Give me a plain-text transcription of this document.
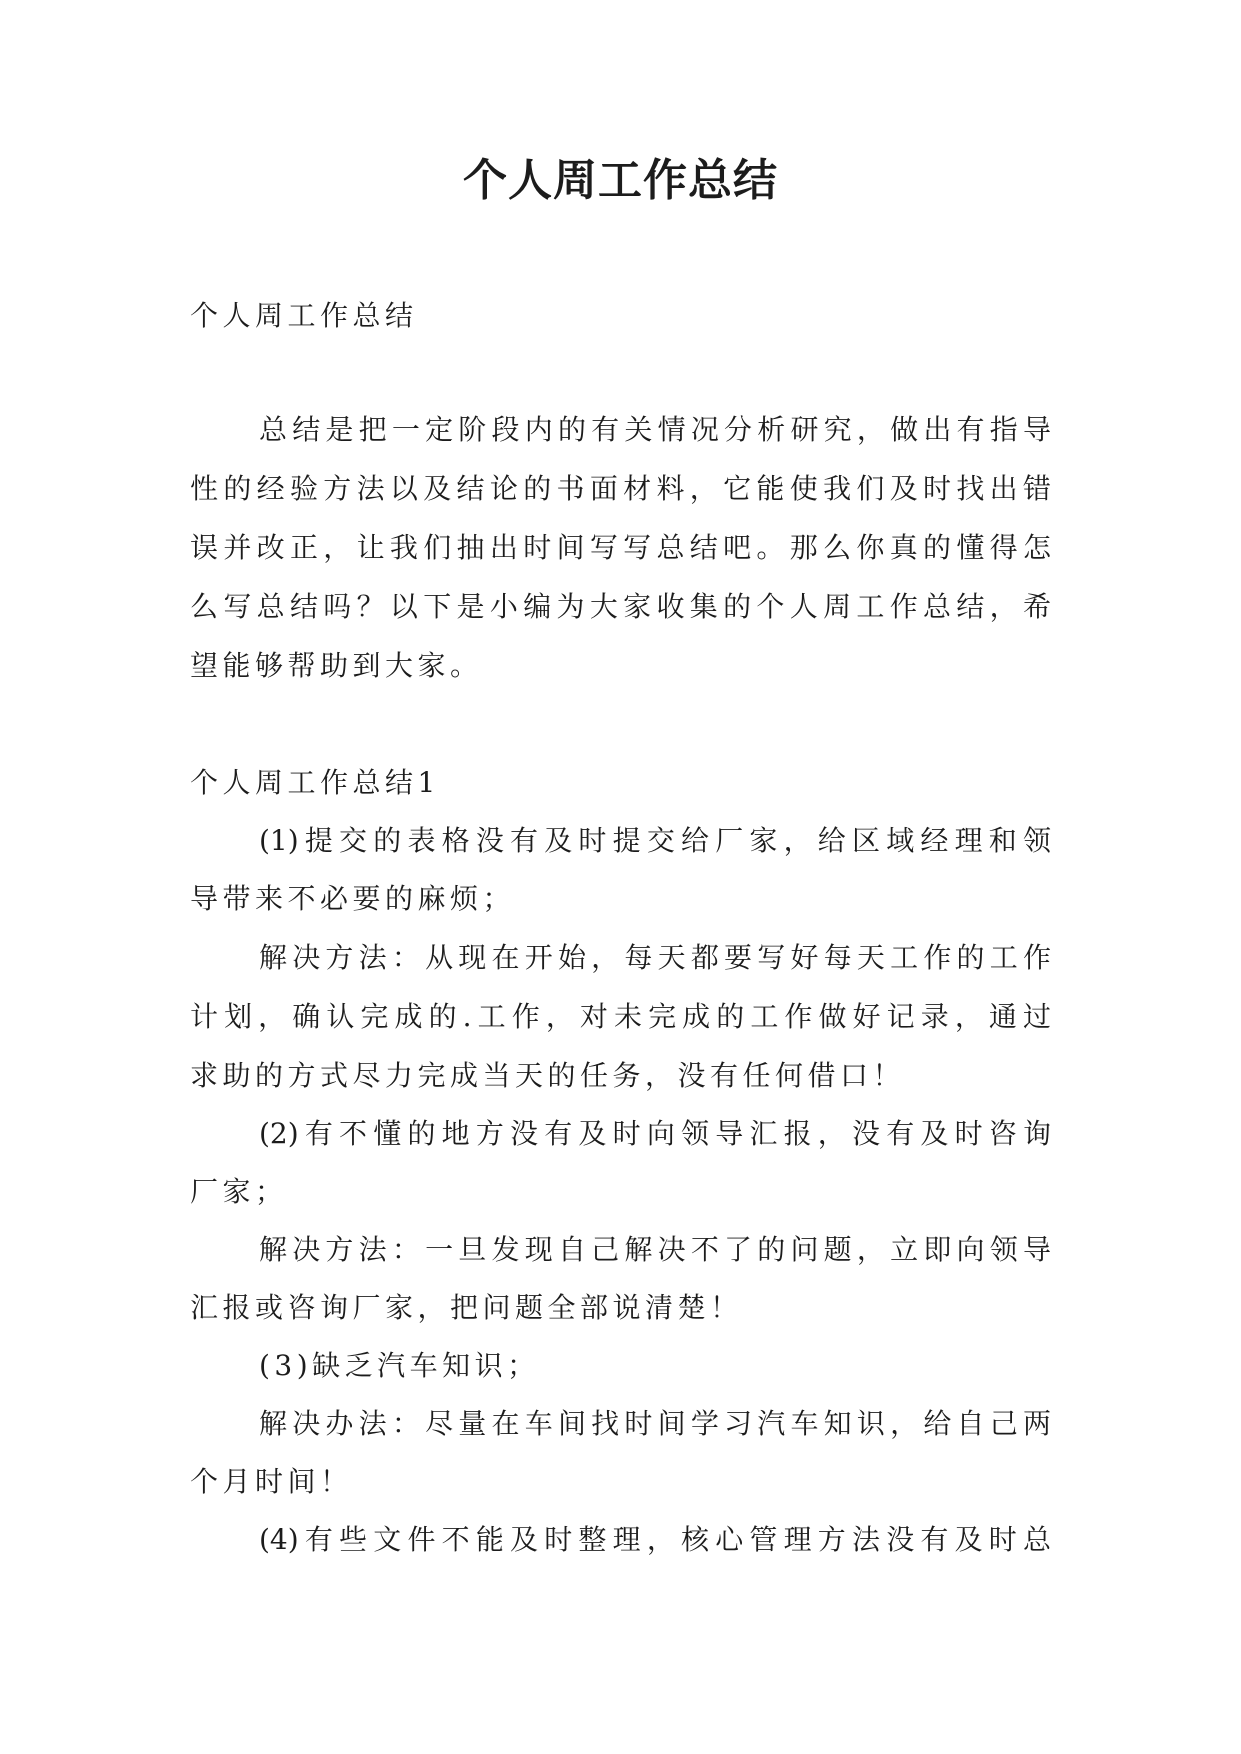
个人周工作总结
个人周工作总结
总结是把一定阶段内的有关情况分析研究，做出有指导
性的经验方法以及结论的书面材料，它能使我们及时找出错
误并改正，让我们抽出时间写写总结吧。那么你真的懂得怎
么写总结吗？以下是小编为大家收集的个人周工作总结，希
望能够帮助到大家。
个人周工作总结1
(1)提交的表格没有及时提交给厂家，给区域经理和领
导带来不必要的麻烦；
解决方法：从现在开始，每天都要写好每天工作的工作
计划，确认完成的.工作，对未完成的工作做好记录，通过
求助的方式尽力完成当天的任务，没有任何借口！
(2)有不懂的地方没有及时向领导汇报，没有及时咨询
厂家；
解决方法：一旦发现自己解决不了的问题，立即向领导
汇报或咨询厂家，把问题全部说清楚！
(3)缺乏汽车知识；
解决办法：尽量在车间找时间学习汽车知识，给自己两
个月时间！
(4)有些文件不能及时整理，核心管理方法没有及时总
